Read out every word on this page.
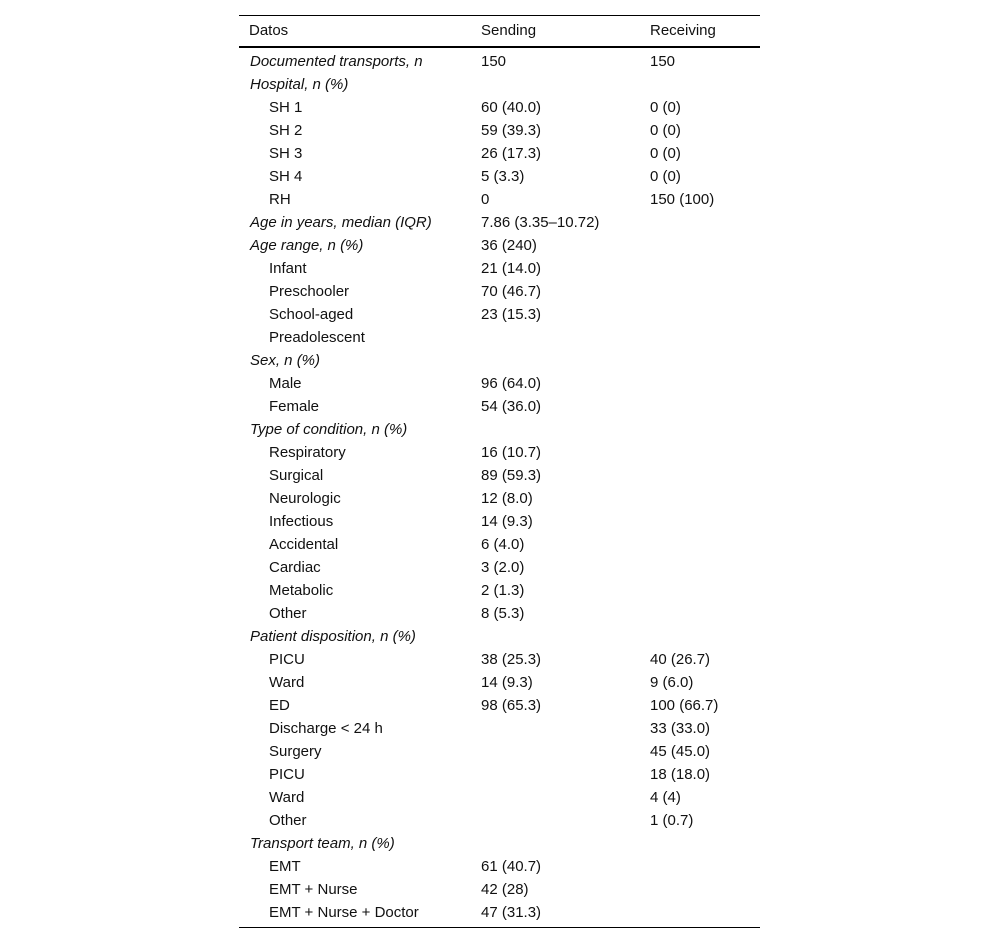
Datos	Sending	Receiving
Documented transports, n	150	150
Hospital, n (%)		
SH 1	60 (40.0)	0 (0)
SH 2	59 (39.3)	0 (0)
SH 3	26 (17.3)	0 (0)
SH 4	5 (3.3)	0 (0)
RH	0	150 (100)
Age in years, median (IQR)	7.86 (3.35–10.72)	
Age range, n (%)	36 (240)	
Infant	21 (14.0)	
Preschooler	70 (46.7)	
School-aged	23 (15.3)	
Preadolescent		
Sex, n (%)		
Male	96 (64.0)	
Female	54 (36.0)	
Type of condition, n (%)		
Respiratory	16 (10.7)	
Surgical	89 (59.3)	
Neurologic	12 (8.0)	
Infectious	14 (9.3)	
Accidental	6 (4.0)	
Cardiac	3 (2.0)	
Metabolic	2 (1.3)	
Other	8 (5.3)	
Patient disposition, n (%)		
PICU	38 (25.3)	40 (26.7)
Ward	14 (9.3)	9 (6.0)
ED	98 (65.3)	100 (66.7)
Discharge < 24 h		33 (33.0)
Surgery		45 (45.0)
PICU		18 (18.0)
Ward		4 (4)
Other		1 (0.7)
Transport team, n (%)		
EMT	61 (40.7)	
EMT + Nurse	42 (28)	
EMT + Nurse + Doctor	47 (31.3)	
